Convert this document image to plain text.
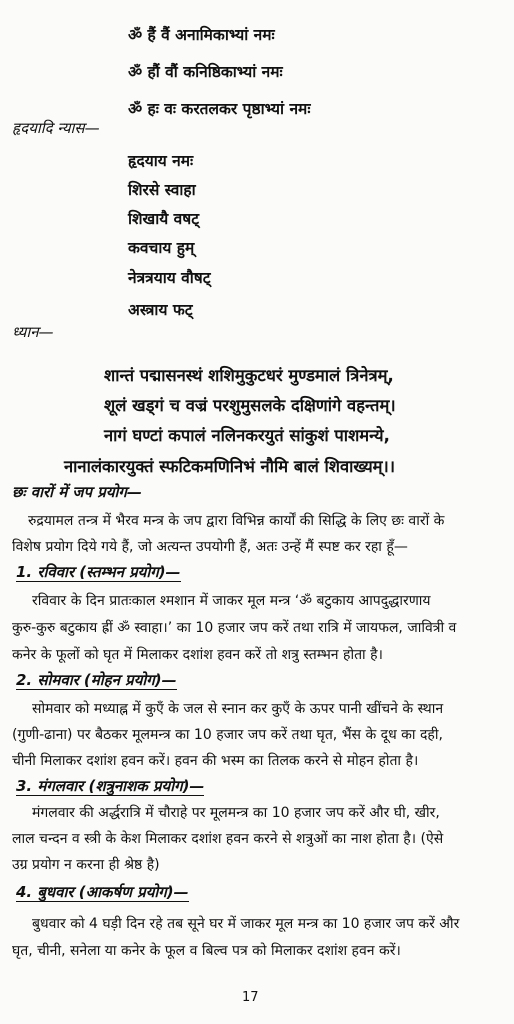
ॐ हैं वैं अनामिकाभ्यां नमः
ॐ हौं वौं कनिष्ठिकाभ्यां नमः
ॐ हः वः करतलकर पृष्ठाभ्यां नमः
हृदयादि न्यास—
हृदयाय नमः
शिरसे स्वाहा
शिखायै वषट्
कवचाय हुम्
नेत्रत्रयाय वौषट्
अस्त्राय फट्
ध्यान—
शान्तं पद्मासनस्थं शशिमुकुटधरं मुण्डमालं त्रिनेत्रम्,
शूलं खड्गं च वज्रं परशुमुसलके दक्षिणांगे वहन्तम्।
नागं घण्टां कपालं नलिनकरयुतं सांकुशं पाशमन्ये,
नानालंकारयुक्तं स्फटिकमणिनिभं नौमि बालं शिवाख्यम्।।
छः वारों में जप प्रयोग—
रुद्रयामल तन्त्र में भैरव मन्त्र के जप द्वारा विभिन्न कार्यों की सिद्धि के लिए छः वारों के
विशेष प्रयोग दिये गये हैं, जो अत्यन्त उपयोगी हैं, अतः उन्हें मैं स्पष्ट कर रहा हूँ—
1. रविवार (स्तम्भन प्रयोग)—
रविवार के दिन प्रातःकाल श्मशान में जाकर मूल मन्त्र ‘ॐ बटुकाय आपदुद्धारणाय
कुरु-कुरु बटुकाय ह्रीं ॐ स्वाहा।’ का 10 हजार जप करें तथा रात्रि में जायफल, जावित्री व
कनेर के फूलों को घृत में मिलाकर दशांश हवन करें तो शत्रु स्तम्भन होता है।
2. सोमवार (मोहन प्रयोग)—
सोमवार को मध्याह्न में कुएँ के जल से स्नान कर कुएँ के ऊपर पानी खींचने के स्थान
(गुणी-ढाना) पर बैठकर मूलमन्त्र का 10 हजार जप करें तथा घृत, भैंस के दूध का दही,
चीनी मिलाकर दशांश हवन करें। हवन की भस्म का तिलक करने से मोहन होता है।
3. मंगलवार (शत्रुनाशक प्रयोग)—
मंगलवार की अर्द्धरात्रि में चौराहे पर मूलमन्त्र का 10 हजार जप करें और घी, खीर,
लाल चन्दन व स्त्री के केश मिलाकर दशांश हवन करने से शत्रुओं का नाश होता है। (ऐसे
उग्र प्रयोग न करना ही श्रेष्ठ है)
4. बुधवार (आकर्षण प्रयोग)—
बुधवार को 4 घड़ी दिन रहे तब सूने घर में जाकर मूल मन्त्र का 10 हजार जप करें और
घृत, चीनी, सनेला या कनेर के फूल व बिल्व पत्र को मिलाकर दशांश हवन करें।
17
